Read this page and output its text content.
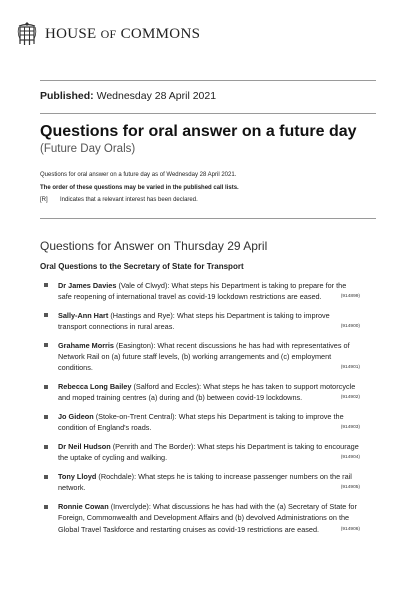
HOUSE OF COMMONS
Published: Wednesday 28 April 2021
Questions for oral answer on a future day
(Future Day Orals)
Questions for oral answer on a future day as of Wednesday 28 April 2021.
The order of these questions may be varied in the published call lists.
[R] Indicates that a relevant interest has been declared.
Questions for Answer on Thursday 29 April
Oral Questions to the Secretary of State for Transport
Dr James Davies (Vale of Clwyd): What steps his Department is taking to prepare for the safe reopening of international travel as covid-19 lockdown restrictions are eased.	(914899)
Sally-Ann Hart (Hastings and Rye): What steps his Department is taking to improve transport connections in rural areas.	(914900)
Grahame Morris (Easington): What recent discussions he has had with representatives of Network Rail on (a) future staff levels, (b) working arrangements and (c) employment conditions.	(914901)
Rebecca Long Bailey (Salford and Eccles): What steps he has taken to support motorcycle and moped training centres (a) during and (b) between covid-19 lockdowns.	(914902)
Jo Gideon (Stoke-on-Trent Central): What steps his Department is taking to improve the condition of England's roads.	(914903)
Dr Neil Hudson (Penrith and The Border): What steps his Department is taking to encourage the uptake of cycling and walking.	(914904)
Tony Lloyd (Rochdale): What steps he is taking to increase passenger numbers on the rail network.	(914905)
Ronnie Cowan (Inverclyde): What discussions he has had with the (a) Secretary of State for Foreign, Commonwealth and Development Affairs and (b) devolved Administrations on the Global Travel Taskforce and restarting cruises as covid-19 restrictions are eased.	(914906)
